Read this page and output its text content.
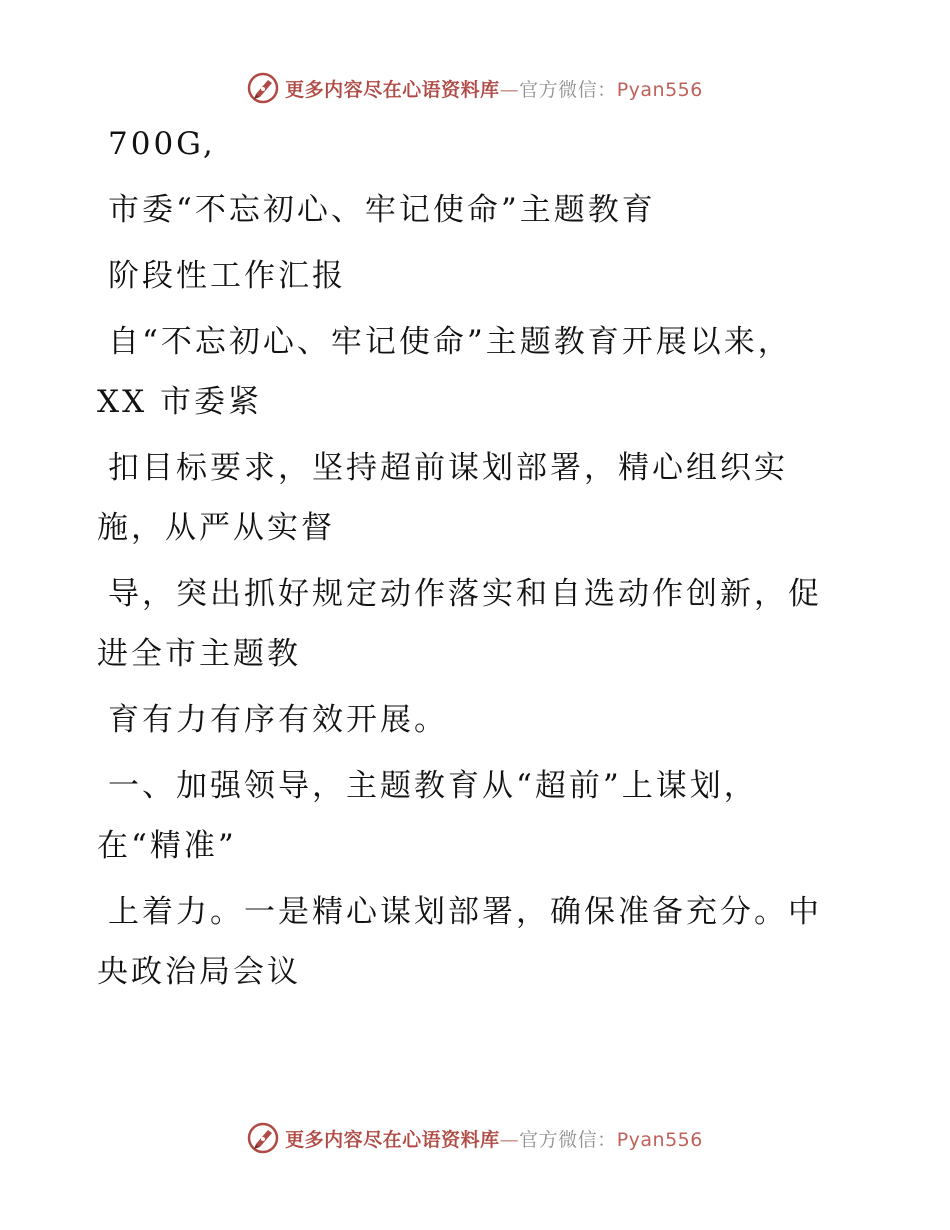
更多内容尽在心语资料库—官方微信：Pyan556
700G,
市委“不忘初心、牢记使命”主题教育
阶段性工作汇报
自“不忘初心、牢记使命”主题教育开展以来，
XX 市委紧
扣目标要求，坚持超前谋划部署，精心组织实
施，从严从实督
导，突出抓好规定动作落实和自选动作创新，促
进全市主题教
育有力有序有效开展。
一、加强领导，主题教育从“超前”上谋划，
在“精准”
上着力。一是精心谋划部署，确保准备充分。中
央政治局会议
更多内容尽在心语资料库—官方微信：Pyan556
